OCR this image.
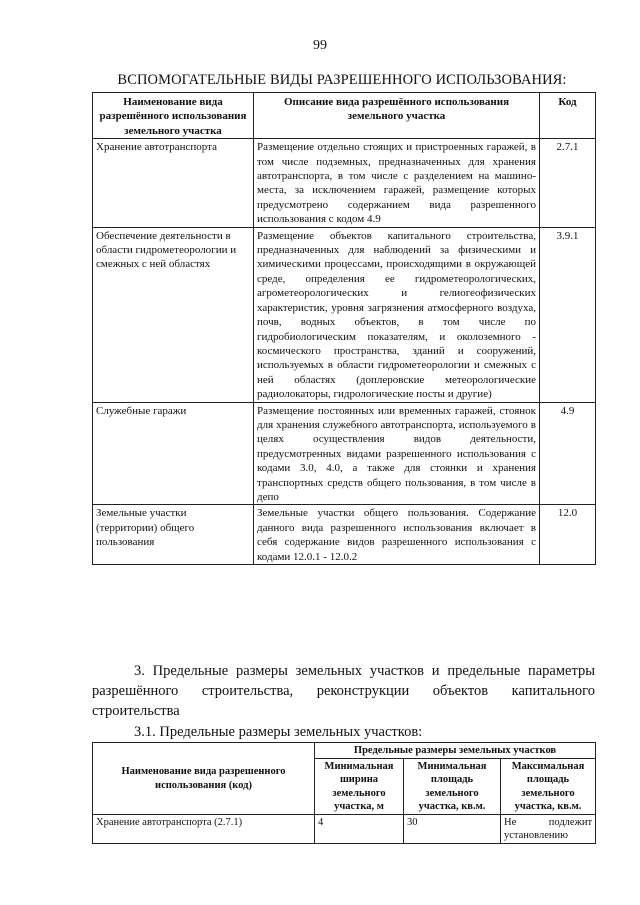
99
ВСПОМОГАТЕЛЬНЫЕ ВИДЫ РАЗРЕШЕННОГО ИСПОЛЬЗОВАНИЯ:
Наименование вида разрешённого использования земельного участка	Описание вида разрешённого использования земельного участка	Код
Хранение автотранспорта	Размещение отдельно стоящих и пристроенных гаражей, в том числе подземных, предназначенных для хранения автотранспорта, в том числе с разделением на машино-места, за исключением гаражей, размещение которых предусмотрено содержанием вида разрешенного использования с кодом 4.9	2.7.1
Обеспечение деятельности в области гидрометеорологии и смежных с ней областях	Размещение объектов капитального строительства, предназначенных для наблюдений за физическими и химическими процессами, происходящими в окружающей среде, определения ее гидрометеорологических, агрометеорологических и гелиогеофизических характеристик, уровня загрязнения атмосферного воздуха, почв, водных объектов, в том числе по гидробиологическим показателям, и околоземного - космического пространства, зданий и сооружений, используемых в области гидрометеорологии и смежных с ней областях (доплеровские метеорологические радиолокаторы, гидрологические посты и другие)	3.9.1
Служебные гаражи	Размещение постоянных или временных гаражей, стоянок для хранения служебного автотранспорта, используемого в целях осуществления видов деятельности, предусмотренных видами разрешенного использования с кодами 3.0, 4.0, а также для стоянки и хранения транспортных средств общего пользования, в том числе в депо	4.9
Земельные участки (территории) общего пользования	Земельные участки общего пользования. Содержание данного вида разрешенного использования включает в себя содержание видов разрешенного использования с кодами 12.0.1 - 12.0.2	12.0
3. Предельные размеры земельных участков и предельные параметры разрешённого строительства, реконструкции объектов капитального строительства
3.1. Предельные размеры земельных участков:
Наименование вида разрешенного использования (код)	Предельные размеры земельных участков		
	Минимальная ширина земельного участка, м	Минимальная площадь земельного участка, кв.м.	Максимальная площадь земельного участка, кв.м.
Хранение автотранспорта (2.7.1)	4	30	Не подлежит установлению
